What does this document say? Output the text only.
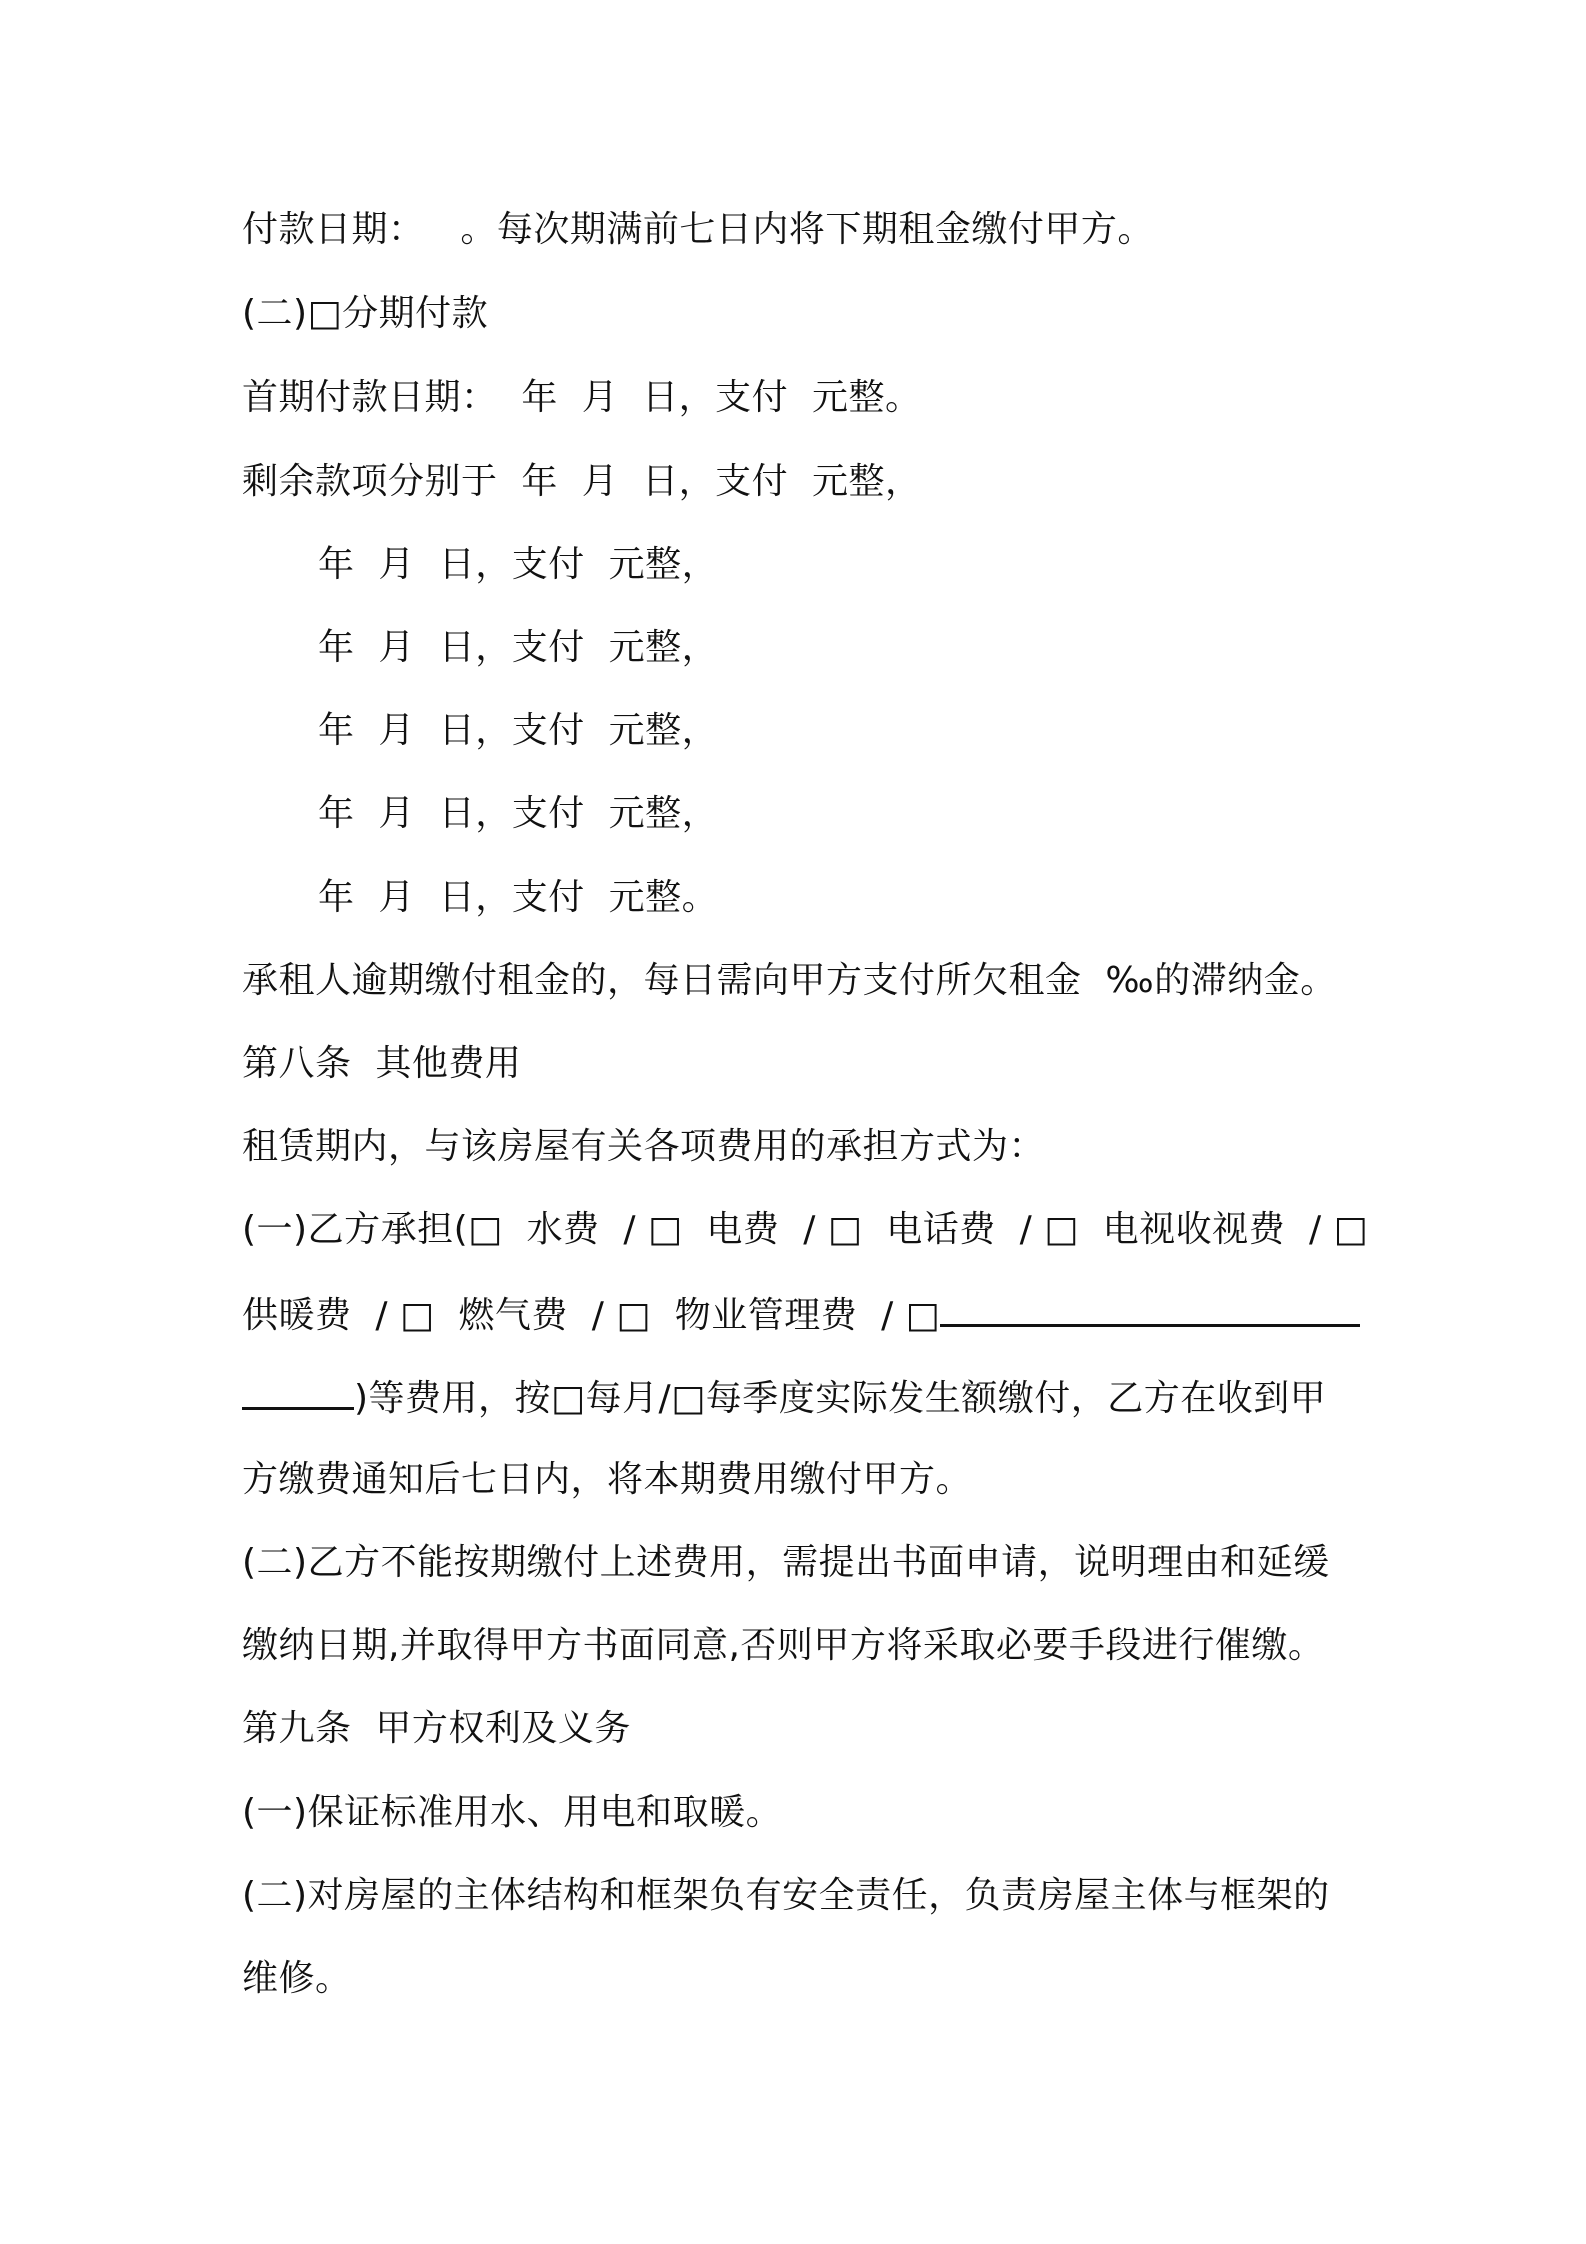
付款日期：   。每次期满前七日内将下期租金缴付甲方。
(二)□分期付款
首期付款日期：  年  月  日，支付  元整。
剩余款项分别于  年  月  日，支付  元整，
年  月  日，支付  元整，
年  月  日，支付  元整，
年  月  日，支付  元整，
年  月  日，支付  元整，
年  月  日，支付  元整。
承租人逾期缴付租金的，每日需向甲方支付所欠租金  ‰的滞纳金。
第八条  其他费用
租赁期内，与该房屋有关各项费用的承担方式为：
(一)乙方承担(□  水费  / □  电费  / □  电话费  / □  电视收视费  / □
供暖费  / □  燃气费  / □  物业管理费  / □
)等费用，按□每月/□每季度实际发生额缴付，乙方在收到甲
方缴费通知后七日内，将本期费用缴付甲方。
(二)乙方不能按期缴付上述费用，需提出书面申请，说明理由和延缓
缴纳日期,并取得甲方书面同意,否则甲方将采取必要手段进行催缴。
第九条  甲方权利及义务
(一)保证标准用水、用电和取暖。
(二)对房屋的主体结构和框架负有安全责任，负责房屋主体与框架的
维修。
